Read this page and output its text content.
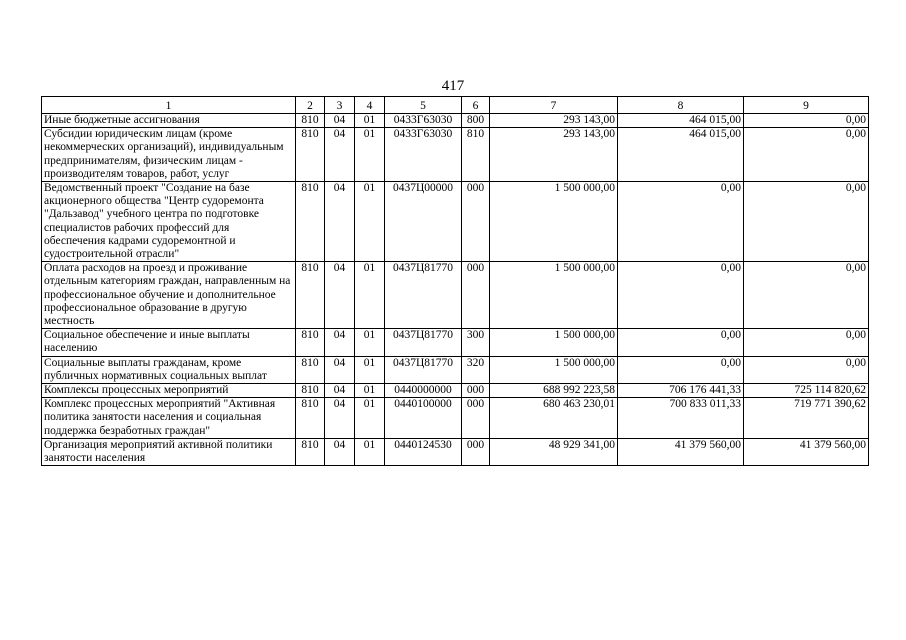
417
1	2	3	4	5	6	7	8	9
Иные бюджетные ассигнования	810	04	01	0433Г63030	800	293 143,00	464 015,00	0,00
Субсидии юридическим лицам (кроме некоммерческих организаций), индивидуальным предпринимателям, физическим лицам - производителям товаров, работ, услуг	810	04	01	0433Г63030	810	293 143,00	464 015,00	0,00
Ведомственный проект "Создание на базе акционерного общества "Центр судоремонта "Дальзавод" учебного центра по подготовке специалистов рабочих профессий для обеспечения кадрами судоремонтной и судостроительной отрасли"	810	04	01	0437Ц00000	000	1 500 000,00	0,00	0,00
Оплата расходов на проезд и проживание отдельным категориям граждан, направленным на профессиональное обучение и дополнительное профессиональное образование в другую местность	810	04	01	0437Ц81770	000	1 500 000,00	0,00	0,00
Социальное обеспечение и иные выплаты населению	810	04	01	0437Ц81770	300	1 500 000,00	0,00	0,00
Социальные выплаты гражданам, кроме публичных нормативных социальных выплат	810	04	01	0437Ц81770	320	1 500 000,00	0,00	0,00
Комплексы процессных мероприятий	810	04	01	0440000000	000	688 992 223,58	706 176 441,33	725 114 820,62
Комплекс процессных мероприятий "Активная политика занятости населения и социальная поддержка безработных граждан"	810	04	01	0440100000	000	680 463 230,01	700 833 011,33	719 771 390,62
Организация мероприятий активной политики занятости населения	810	04	01	0440124530	000	48 929 341,00	41 379 560,00	41 379 560,00
